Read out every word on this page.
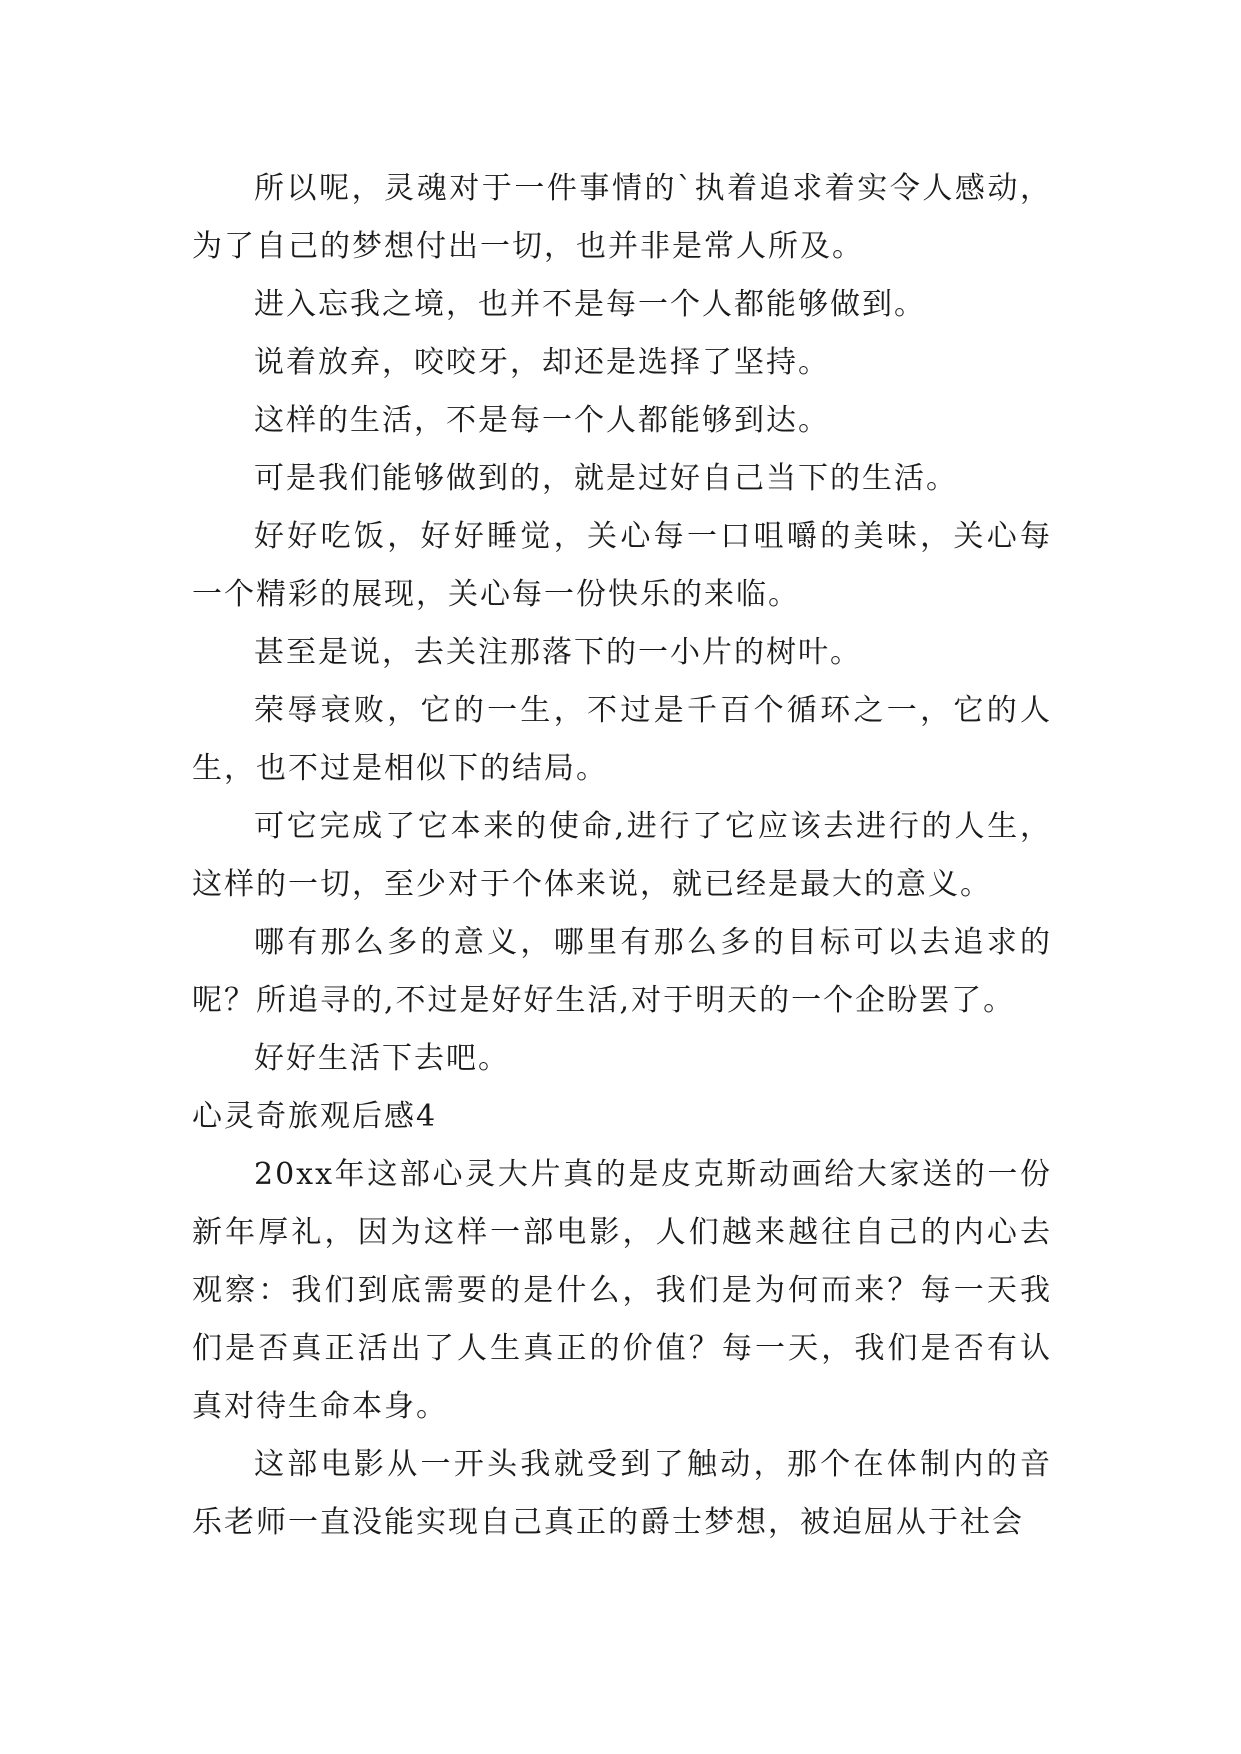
所以呢，灵魂对于一件事情的`执着追求着实令人感动，为了自己的梦想付出一切，也并非是常人所及。

进入忘我之境，也并不是每一个人都能够做到。

说着放弃，咬咬牙，却还是选择了坚持。

这样的生活，不是每一个人都能够到达。

可是我们能够做到的，就是过好自己当下的生活。

好好吃饭，好好睡觉，关心每一口咀嚼的美味，关心每一个精彩的展现，关心每一份快乐的来临。

甚至是说，去关注那落下的一小片的树叶。

荣辱衰败，它的一生，不过是千百个循环之一，它的人生，也不过是相似下的结局。

可它完成了它本来的使命,进行了它应该去进行的人生，这样的一切，至少对于个体来说，就已经是最大的意义。

哪有那么多的意义，哪里有那么多的目标可以去追求的呢？所追寻的,不过是好好生活,对于明天的一个企盼罢了。

好好生活下去吧。

心灵奇旅观后感4

20xx年这部心灵大片真的是皮克斯动画给大家送的一份新年厚礼，因为这样一部电影，人们越来越往自己的内心去观察：我们到底需要的是什么，我们是为何而来？每一天我们是否真正活出了人生真正的价值？每一天，我们是否有认真对待生命本身。

这部电影从一开头我就受到了触动，那个在体制内的音乐老师一直没能实现自己真正的爵士梦想，被迫屈从于社会
